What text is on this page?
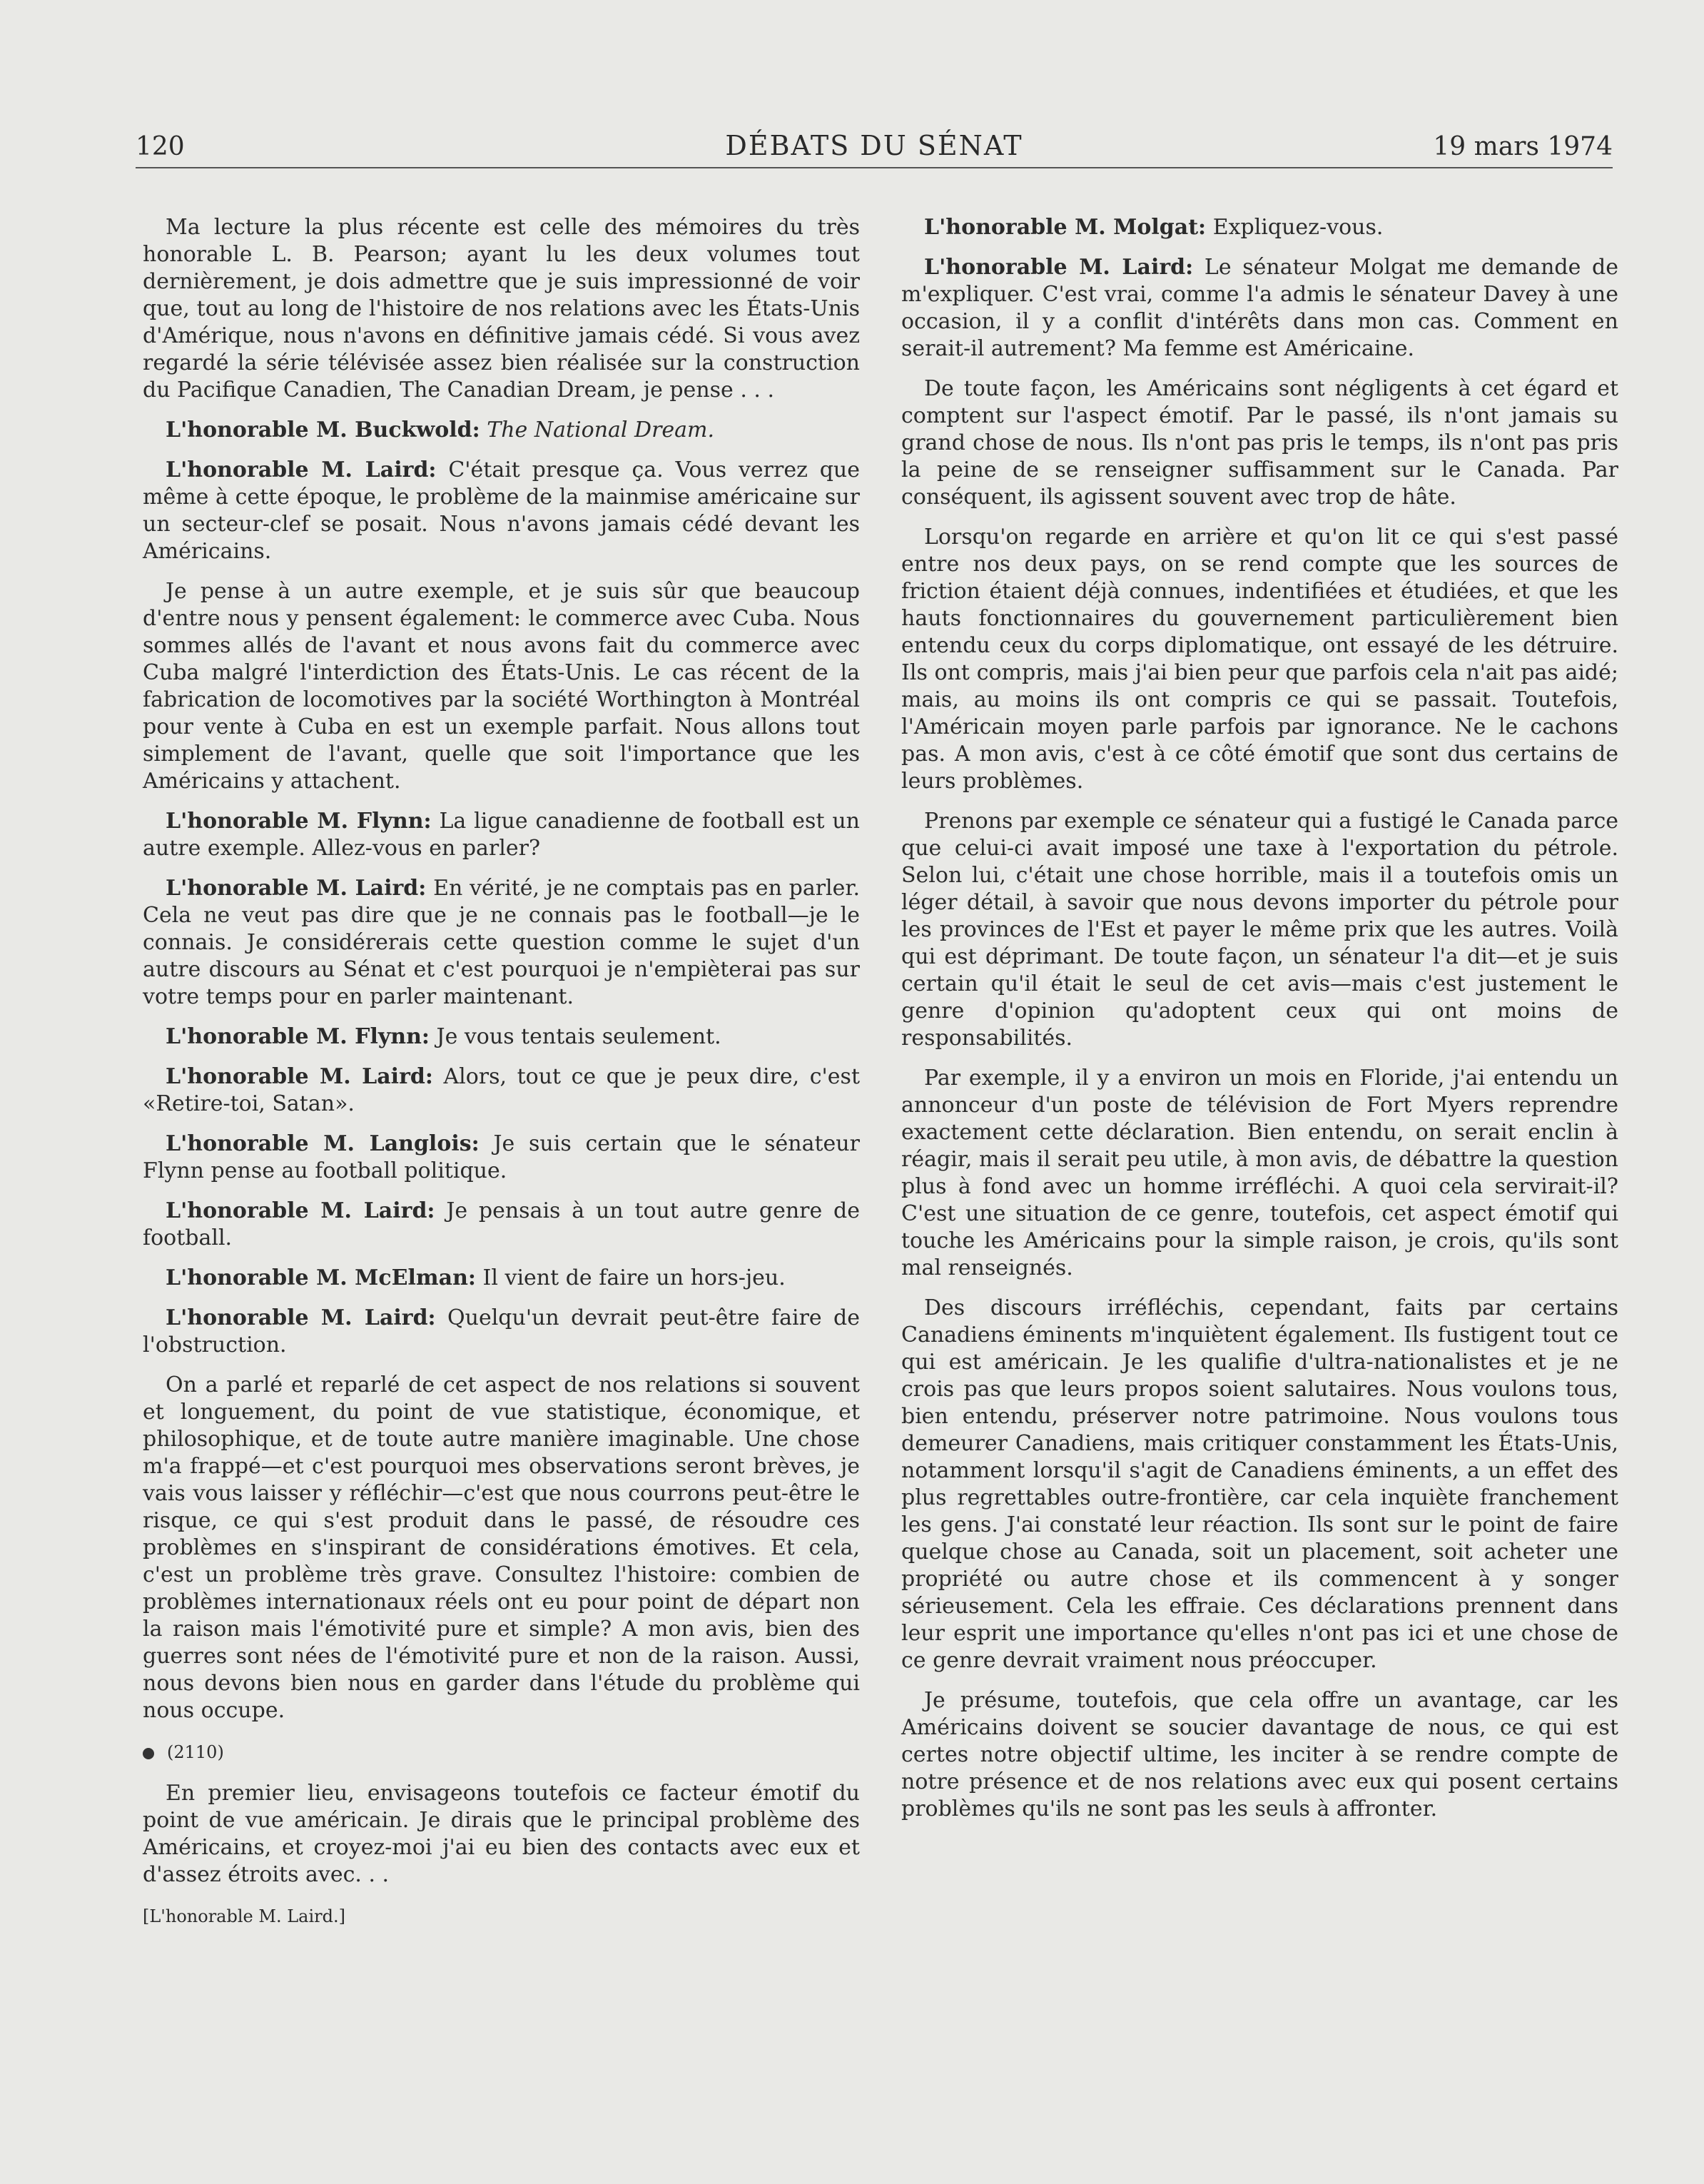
120	DÉBATS DU SÉNAT	19 mars 1974

Ma lecture la plus récente est celle des mémoires du très honorable L. B. Pearson; ayant lu les deux volumes tout dernièrement, je dois admettre que je suis impressionné de voir que, tout au long de l'histoire de nos relations avec les États-Unis d'Amérique, nous n'avons en définitive jamais cédé. Si vous avez regardé la série télévisée assez bien réalisée sur la construction du Pacifique Canadien, The Canadian Dream, je pense . . .

L'honorable M. Buckwold: The National Dream.

L'honorable M. Laird: C'était presque ça. Vous verrez que même à cette époque, le problème de la mainmise américaine sur un secteur-clef se posait. Nous n'avons jamais cédé devant les Américains.

Je pense à un autre exemple, et je suis sûr que beaucoup d'entre nous y pensent également: le commerce avec Cuba. Nous sommes allés de l'avant et nous avons fait du commerce avec Cuba malgré l'interdiction des États-Unis. Le cas récent de la fabrication de locomotives par la société Worthington à Montréal pour vente à Cuba en est un exemple parfait. Nous allons tout simplement de l'avant, quelle que soit l'importance que les Américains y attachent.

L'honorable M. Flynn: La ligue canadienne de football est un autre exemple. Allez-vous en parler?

L'honorable M. Laird: En vérité, je ne comptais pas en parler. Cela ne veut pas dire que je ne connais pas le football—je le connais. Je considérerais cette question comme le sujet d'un autre discours au Sénat et c'est pourquoi je n'empièterai pas sur votre temps pour en parler maintenant.

L'honorable M. Flynn: Je vous tentais seulement.

L'honorable M. Laird: Alors, tout ce que je peux dire, c'est «Retire-toi, Satan».

L'honorable M. Langlois: Je suis certain que le sénateur Flynn pense au football politique.

L'honorable M. Laird: Je pensais à un tout autre genre de football.

L'honorable M. McElman: Il vient de faire un hors-jeu.

L'honorable M. Laird: Quelqu'un devrait peut-être faire de l'obstruction.

On a parlé et reparlé de cet aspect de nos relations si souvent et longuement, du point de vue statistique, économique, et philosophique, et de toute autre manière imaginable. Une chose m'a frappé—et c'est pourquoi mes observations seront brèves, je vais vous laisser y réfléchir—c'est que nous courrons peut-être le risque, ce qui s'est produit dans le passé, de résoudre ces problèmes en s'inspirant de considérations émotives. Et cela, c'est un problème très grave. Consultez l'histoire: combien de problèmes internationaux réels ont eu pour point de départ non la raison mais l'émotivité pure et simple? A mon avis, bien des guerres sont nées de l'émotivité pure et non de la raison. Aussi, nous devons bien nous en garder dans l'étude du problème qui nous occupe.

(2110)

En premier lieu, envisageons toutefois ce facteur émotif du point de vue américain. Je dirais que le principal problème des Américains, et croyez-moi j'ai eu bien des contacts avec eux et d'assez étroits avec. . .

[L'honorable M. Laird.]

L'honorable M. Molgat: Expliquez-vous.

L'honorable M. Laird: Le sénateur Molgat me demande de m'expliquer. C'est vrai, comme l'a admis le sénateur Davey à une occasion, il y a conflit d'intérêts dans mon cas. Comment en serait-il autrement? Ma femme est Américaine.

De toute façon, les Américains sont négligents à cet égard et comptent sur l'aspect émotif. Par le passé, ils n'ont jamais su grand chose de nous. Ils n'ont pas pris le temps, ils n'ont pas pris la peine de se renseigner suffisamment sur le Canada. Par conséquent, ils agissent souvent avec trop de hâte.

Lorsqu'on regarde en arrière et qu'on lit ce qui s'est passé entre nos deux pays, on se rend compte que les sources de friction étaient déjà connues, indentifiées et étudiées, et que les hauts fonctionnaires du gouvernement particulièrement bien entendu ceux du corps diplomatique, ont essayé de les détruire. Ils ont compris, mais j'ai bien peur que parfois cela n'ait pas aidé; mais, au moins ils ont compris ce qui se passait. Toutefois, l'Américain moyen parle parfois par ignorance. Ne le cachons pas. A mon avis, c'est à ce côté émotif que sont dus certains de leurs problèmes.

Prenons par exemple ce sénateur qui a fustigé le Canada parce que celui-ci avait imposé une taxe à l'exportation du pétrole. Selon lui, c'était une chose horrible, mais il a toutefois omis un léger détail, à savoir que nous devons importer du pétrole pour les provinces de l'Est et payer le même prix que les autres. Voilà qui est déprimant. De toute façon, un sénateur l'a dit—et je suis certain qu'il était le seul de cet avis—mais c'est justement le genre d'opinion qu'adoptent ceux qui ont moins de responsabilités.

Par exemple, il y a environ un mois en Floride, j'ai entendu un annonceur d'un poste de télévision de Fort Myers reprendre exactement cette déclaration. Bien entendu, on serait enclin à réagir, mais il serait peu utile, à mon avis, de débattre la question plus à fond avec un homme irréfléchi. A quoi cela servirait-il? C'est une situation de ce genre, toutefois, cet aspect émotif qui touche les Américains pour la simple raison, je crois, qu'ils sont mal renseignés.

Des discours irréfléchis, cependant, faits par certains Canadiens éminents m'inquiètent également. Ils fustigent tout ce qui est américain. Je les qualifie d'ultra-nationalistes et je ne crois pas que leurs propos soient salutaires. Nous voulons tous, bien entendu, préserver notre patrimoine. Nous voulons tous demeurer Canadiens, mais critiquer constamment les États-Unis, notamment lorsqu'il s'agit de Canadiens éminents, a un effet des plus regrettables outre-frontière, car cela inquiète franchement les gens. J'ai constaté leur réaction. Ils sont sur le point de faire quelque chose au Canada, soit un placement, soit acheter une propriété ou autre chose et ils commencent à y songer sérieusement. Cela les effraie. Ces déclarations prennent dans leur esprit une importance qu'elles n'ont pas ici et une chose de ce genre devrait vraiment nous préoccuper.

Je présume, toutefois, que cela offre un avantage, car les Américains doivent se soucier davantage de nous, ce qui est certes notre objectif ultime, les inciter à se rendre compte de notre présence et de nos relations avec eux qui posent certains problèmes qu'ils ne sont pas les seuls à affronter.
